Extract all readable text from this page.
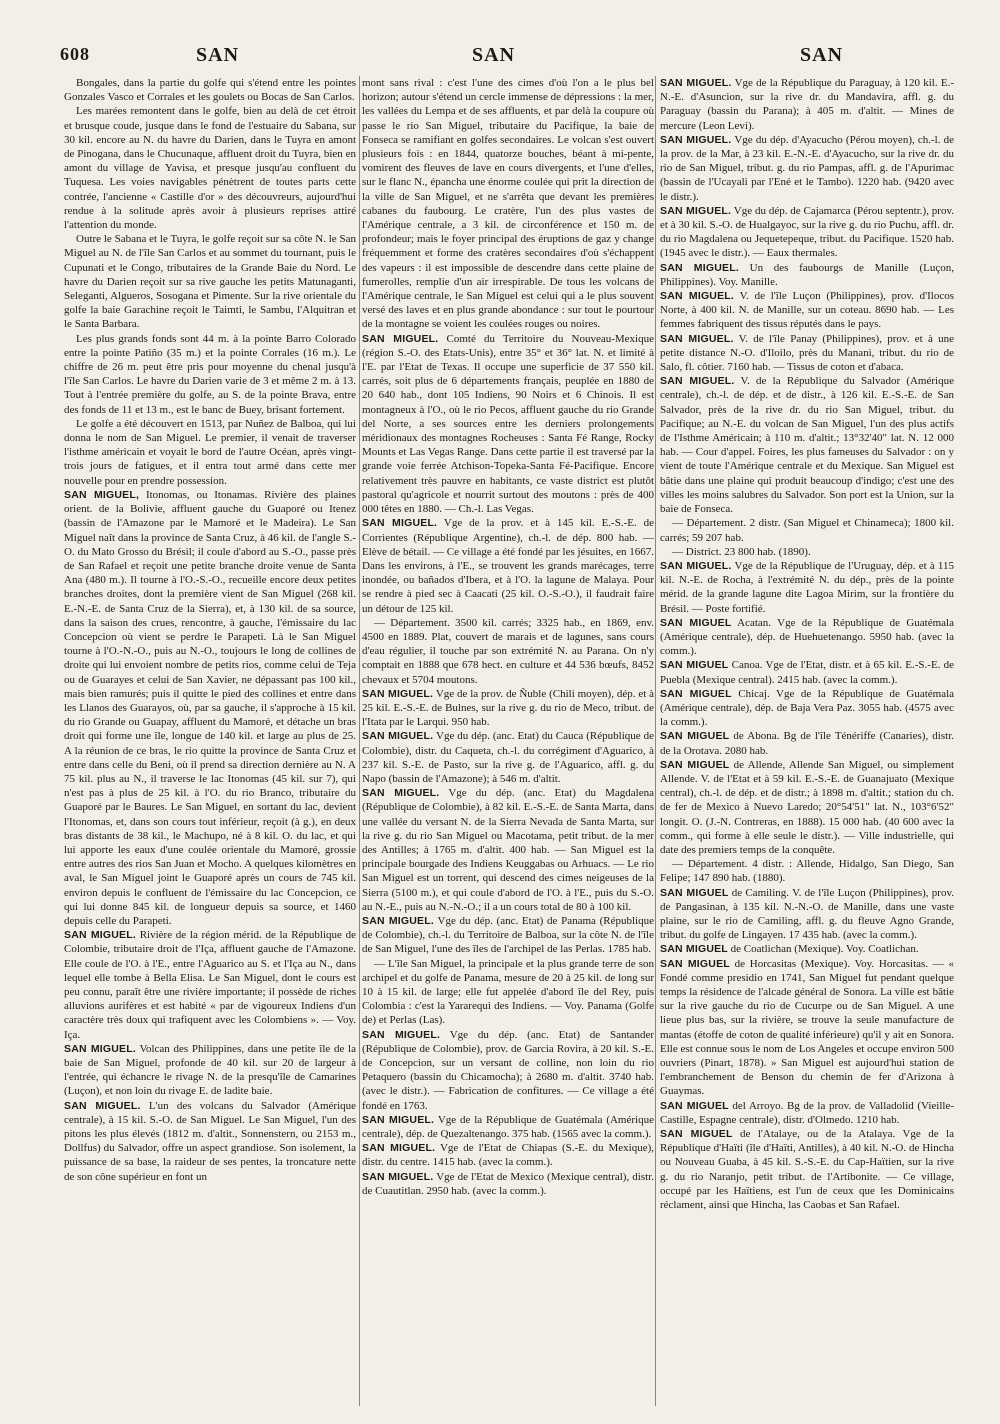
608	SAN	SAN	SAN

Bongales, dans la partie du golfe qui s'étend entre les pointes Gonzales Vasco et Corrales et les goulets ou Bocas de San Carlos.

Les marées remontent dans le golfe, bien au delà de cet étroit et brusque coude, jusque dans le fond de l'estuaire du Sabana, sur 30 kil. encore au N. du havre du Darien, dans le Tuyra en amont de Pinogana, dans le Chucunaque, affluent droit du Tuyra, bien en amont du village de Yavisa, et presque jusqu'au confluent du Tuquesa. Les voies navigables pénètrent de toutes parts cette contrée, l'ancienne « Castille d'or » des découvreurs, aujourd'hui rendue à la solitude après avoir à plusieurs reprises attiré l'attention du monde.

Outre le Sabana et le Tuyra, le golfe reçoit sur sa côte N. le San Miguel au N. de l'île San Carlos et au sommet du tournant, puis le Cupunati et le Congo, tributaires de la Grande Baie du Nord. Le havre du Darien reçoit sur sa rive gauche les petits Matunaganti, Seleganti, Algueros, Sosogana et Pimente. Sur la rive orientale du golfe la baie Garachine reçoit le Taimti, le Sambu, l'Alquitran et le Santa Barbara.

Les plus grands fonds sont 44 m. à la pointe Barro Colorado entre la pointe Patiño (35 m.) et la pointe Corrales (16 m.). Le chiffre de 26 m. peut être pris pour moyenne du chenal jusqu'à l'île San Carlos. Le havre du Darien varie de 3 et même 2 m. à 13. Tout à l'entrée première du golfe, au S. de la pointe Brava, entre des fonds de 11 et 13 m., est le banc de Buey, brisant fortement.

Le golfe a été découvert en 1513, par Nuñez de Balboa, qui lui donna le nom de San Miguel. Le premier, il venait de traverser l'isthme américain et voyait le bord de l'autre Océan, après vingt-trois jours de fatigues, et il entra tout armé dans cette mer nouvelle pour en prendre possession.

SAN MIGUEL, Itonomas, ou Itonamas. Rivière des plaines orient. de la Bolivie, affluent gauche du Guaporé ou Itenez (bassin de l'Amazone par le Mamoré et le Madeira). Le San Miguel naît dans la province de Santa Cruz, à 46 kil. de l'angle S.-O. du Mato Grosso du Brésil; il coule d'abord au S.-O., passe près de San Rafael et reçoit une petite branche droite venue de Santa Ana (480 m.). Il tourne à l'O.-S.-O., recueille encore deux petites branches droites, dont la première vient de San Miguel (268 kil. E.-N.-E. de Santa Cruz de la Sierra), et, à 130 kil. de sa source, dans la saison des crues, rencontre, à gauche, l'émissaire du lac Concepcion où vient se perdre le Parapeti. Là le San Miguel tourne à l'O.-N.-O., puis au N.-O., toujours le long de collines de droite qui lui envoient nombre de petits rios, comme celui de Teja ou de Guarayes et celui de San Xavier, ne dépassant pas 100 kil., mais bien ramurés; puis il quitte le pied des collines et entre dans les Llanos des Guarayos, où, par sa gauche, il s'approche à 15 kil. du rio Grande ou Guapay, affluent du Mamoré, et détache un bras droit qui forme une île, longue de 140 kil. et large au plus de 25. A la réunion de ce bras, le rio quitte la province de Santa Cruz et entre dans celle du Beni, où il prend sa direction dernière au N. A 75 kil. plus au N., il traverse le lac Itonomas (45 kil. sur 7), qui n'est pas à plus de 25 kil. à l'O. du rio Branco, tributaire du Guaporé par le Baures. Le San Miguel, en sortant du lac, devient l'Itonomas, et, dans son cours tout inférieur, reçoit (à g.), en deux bras distants de 38 kil., le Machupo, né à 8 kil. O. du lac, et qui lui apporte les eaux d'une coulée orientale du Mamoré, grossie entre autres des rios San Juan et Mocho. A quelques kilomètres en aval, le San Miguel joint le Guaporé après un cours de 745 kil. environ depuis le confluent de l'émissaire du lac Concepcion, ce qui lui donne 845 kil. de longueur depuis sa source, et 1460 depuis celle du Parapeti.

SAN MIGUEL. Rivière de la région mérid. de la République de Colombie, tributaire droit de l'Iça, affluent gauche de l'Amazone. Elle coule de l'O. à l'E., entre l'Aguarico au S. et l'Iça au N., dans lequel elle tombe à Bella Elisa. Le San Miguel, dont le cours est peu connu, paraît être une rivière importante; il possède de riches alluvions aurifères et est habité « par de vigoureux Indiens d'un caractère très doux qui trafiquent avec les Colombiens ». — Voy. Iça.

SAN MIGUEL. Volcan des Philippines, dans une petite île de la baie de San Miguel, profonde de 40 kil. sur 20 de largeur à l'entrée, qui échancre le rivage N. de la presqu'île de Camarines (Luçon), et non loin du rivage E. de ladite baie.

SAN MIGUEL. L'un des volcans du Salvador (Amérique centrale), à 15 kil. S.-O. de San Miguel. Le San Miguel, l'un des pitons les plus élevés (1812 m. d'altit., Sonnenstern, ou 2153 m., Dollfus) du Salvador, offre un aspect grandiose. Son isolement, la puissance de sa base, la raideur de ses pentes, la troncature nette de son cône supérieur en font un

mont sans rival : c'est l'une des cimes d'où l'on a le plus bel horizon; autour s'étend un cercle immense de dépressions : la mer, les vallées du Lempa et de ses affluents, et par delà la coupure où passe le rio San Miguel, tributaire du Pacifique, la baie de Fonseca se ramifiant en golfes secondaires. Le volcan s'est ouvert plusieurs fois : en 1844, quatorze bouches, béant à mi-pente, vomirent des fleuves de lave en cours divergents, et l'une d'elles, sur le flanc N., épancha une énorme coulée qui prit la direction de la ville de San Miguel, et ne s'arrêta que devant les premières cabanes du faubourg. Le cratère, l'un des plus vastes de l'Amérique centrale, a 3 kil. de circonférence et 150 m. de profondeur; mais le foyer principal des éruptions de gaz y change fréquemment et forme des cratères secondaires d'où s'échappent des vapeurs : il est impossible de descendre dans cette plaine de fumerolles, remplie d'un air irrespirable. De tous les volcans de l'Amérique centrale, le San Miguel est celui qui a le plus souvent versé des laves et en plus grande abondance : sur tout le pourtour de la montagne se voient les coulées rouges ou noires.

SAN MIGUEL. Comté du Territoire du Nouveau-Mexique (région S.-O. des Etats-Unis), entre 35° et 36° lat. N. et limité à l'E. par l'Etat de Texas. Il occupe une superficie de 37 550 kil. carrés, soit plus de 6 départements français, peuplée en 1880 de 20 640 hab., dont 105 Indiens, 90 Noirs et 6 Chinois. Il est montagneux à l'O., où le rio Pecos, affluent gauche du rio Grande del Norte, a ses sources entre les derniers prolongements méridionaux des montagnes Rocheuses : Santa Fé Range, Rocky Mounts et Las Vegas Range. Dans cette partie il est traversé par la grande voie ferrée Atchison-Topeka-Santa Fé-Pacifique. Encore relativement très pauvre en habitants, ce vaste district est plutôt pastoral qu'agricole et nourrit surtout des moutons : près de 400 000 têtes en 1880. — Ch.-l. Las Vegas.

SAN MIGUEL. Vge de la prov. et à 145 kil. E.-S.-E. de Corrientes (République Argentine), ch.-l. de dép. 800 hab. — Elève de bétail. — Ce village a été fondé par les jésuites, en 1667. Dans les environs, à l'E., se trouvent les grands marécages, terre inondée, ou bañados d'Ibera, et à l'O. la lagune de Malaya. Pour se rendre à pied sec à Caacati (25 kil. O.-S.-O.), il faudrait faire un détour de 125 kil.

— Département. 3500 kil. carrés; 3325 hab., en 1869, env. 4500 en 1889. Plat, couvert de marais et de lagunes, sans cours d'eau régulier, il touche par son extrémité N. au Parana. On n'y comptait en 1888 que 678 hect. en culture et 44 536 bœufs, 8452 chevaux et 5704 moutons.

SAN MIGUEL. Vge de la prov. de Ñuble (Chili moyen), dép. et à 25 kil. E.-S.-E. de Bulnes, sur la rive g. du rio de Meco, tribut. de l'Itata par le Larqui. 950 hab.

SAN MIGUEL. Vge du dép. (anc. Etat) du Cauca (République de Colombie), distr. du Caqueta, ch.-l. du corrégiment d'Aguarico, à 237 kil. S.-E. de Pasto, sur la rive g. de l'Aguarico, affl. g. du Napo (bassin de l'Amazone); à 546 m. d'altit.

SAN MIGUEL. Vge du dép. (anc. Etat) du Magdalena (République de Colombie), à 82 kil. E.-S.-E. de Santa Marta, dans une vallée du versant N. de la Sierra Nevada de Santa Marta, sur la rive g. du rio San Miguel ou Macotama, petit tribut. de la mer des Antilles; à 1765 m. d'altit. 400 hab. — San Miguel est la principale bourgade des Indiens Keuggabas ou Arhuacs. — Le rio San Miguel est un torrent, qui descend des cimes neigeuses de la Sierra (5100 m.), et qui coule d'abord de l'O. à l'E., puis du S.-O. au N.-E., puis au N.-N.-O.; il a un cours total de 80 à 100 kil.

SAN MIGUEL. Vge du dép. (anc. Etat) de Panama (République de Colombie), ch.-l. du Territoire de Balboa, sur la côte N. de l'île de San Miguel, l'une des îles de l'archipel de las Perlas. 1785 hab.

— L'île San Miguel, la principale et la plus grande terre de son archipel et du golfe de Panama, mesure de 20 à 25 kil. de long sur 10 à 15 kil. de large; elle fut appelée d'abord île del Rey, puis Colombia : c'est la Yararequi des Indiens. — Voy. Panama (Golfe de) et Perlas (Las).

SAN MIGUEL. Vge du dép. (anc. Etat) de Santander (République de Colombie), prov. de Garcia Rovira, à 20 kil. S.-E. de Concepcion, sur un versant de colline, non loin du rio Petaquero (bassin du Chicamocha); à 2680 m. d'altit. 3740 hab. (avec le distr.). — Fabrication de confitures. — Ce village a été fondé en 1763.

SAN MIGUEL. Vge de la République de Guatémala (Amérique centrale), dép. de Quezaltenango. 375 hab. (1565 avec la comm.).

SAN MIGUEL. Vge de l'Etat de Chiapas (S.-E. du Mexique), distr. du centre. 1415 hab. (avec la comm.).

SAN MIGUEL. Vge de l'Etat de Mexico (Mexique central), distr. de Cuautitlan. 2950 hab. (avec la comm.).

SAN MIGUEL. Vge de la République du Paraguay, à 120 kil. E.-N.-E. d'Asuncion, sur la rive dr. du Mandavira, affl. g. du Paraguay (bassin du Parana); à 405 m. d'altit. — Mines de mercure (Leon Levi).

SAN MIGUEL. Vge du dép. d'Ayacucho (Pérou moyen), ch.-l. de la prov. de la Mar, à 23 kil. E.-N.-E. d'Ayacucho, sur la rive dr. du rio de San Miguel, tribut. g. du rio Pampas, affl. g. de l'Apurimac (bassin de l'Ucayali par l'Ené et le Tambo). 1220 hab. (9420 avec le distr.).

SAN MIGUEL. Vge du dép. de Cajamarca (Pérou septentr.), prov. et à 30 kil. S.-O. de Hualgayoc, sur la rive g. du rio Puchu, affl. dr. du rio Magdalena ou Jequetepeque, tribut. du Pacifique. 1520 hab. (1945 avec le distr.). — Eaux thermales.

SAN MIGUEL. Un des faubourgs de Manille (Luçon, Philippines). Voy. Manille.

SAN MIGUEL. V. de l'île Luçon (Philippines), prov. d'Ilocos Norte, à 400 kil. N. de Manille, sur un coteau. 8690 hab. — Les femmes fabriquent des tissus réputés dans le pays.

SAN MIGUEL. V. de l'île Panay (Philippines), prov. et à une petite distance N.-O. d'Iloilo, près du Manani, tribut. du rio de Salo, fl. côtier. 7160 hab. — Tissus de coton et d'abaca.

SAN MIGUEL. V. de la République du Salvador (Amérique centrale), ch.-l. de dép. et de distr., à 126 kil. E.-S.-E. de San Salvador, près de la rive dr. du rio San Miguel, tribut. du Pacifique; au N.-E. du volcan de San Miguel, l'un des plus actifs de l'Isthme Américain; à 110 m. d'altit.; 13°32'40" lat. N. 12 000 hab. — Cour d'appel. Foires, les plus fameuses du Salvador : on y vient de toute l'Amérique centrale et du Mexique. San Miguel est bâtie dans une plaine qui produit beaucoup d'indigo; c'est une des villes les moins salubres du Salvador. Son port est la Union, sur la baie de Fonseca.

— Département. 2 distr. (San Miguel et Chinameca); 1800 kil. carrés; 59 207 hab.

— District. 23 800 hab. (1890).

SAN MIGUEL. Vge de la République de l'Uruguay, dép. et à 115 kil. N.-E. de Rocha, à l'extrémité N. du dép., près de la pointe mérid. de la grande lagune dite Lagoa Mirim, sur la frontière du Brésil. — Poste fortifié.

SAN MIGUEL Acatan. Vge de la République de Guatémala (Amérique centrale), dép. de Huehuetenango. 5950 hab. (avec la comm.).

SAN MIGUEL Canoa. Vge de l'Etat, distr. et à 65 kil. E.-S.-E. de Puebla (Mexique central). 2415 hab. (avec la comm.).

SAN MIGUEL Chicaj. Vge de la République de Guatémala (Amérique centrale), dép. de Baja Vera Paz. 3055 hab. (4575 avec la comm.).

SAN MIGUEL de Abona. Bg de l'île Ténériffe (Canaries), distr. de la Orotava. 2080 hab.

SAN MIGUEL de Allende, Allende San Miguel, ou simplement Allende. V. de l'Etat et à 59 kil. E.-S.-E. de Guanajuato (Mexique central), ch.-l. de dép. et de distr.; à 1898 m. d'altit.; station du ch. de fer de Mexico à Nuevo Laredo; 20°54'51" lat. N., 103°6'52" longit. O. (J.-N. Contreras, en 1888). 15 000 hab. (40 600 avec la comm., qui forme à elle seule le distr.). — Ville industrielle, qui date des premiers temps de la conquête.

— Département. 4 distr. : Allende, Hidalgo, San Diego, San Felipe; 147 890 hab. (1880).

SAN MIGUEL de Camiling. V. de l'île Luçon (Philippines), prov. de Pangasinan, à 135 kil. N.-N.-O. de Manille, dans une vaste plaine, sur le rio de Camiling, affl. g. du fleuve Agno Grande, tribut. du golfe de Lingayen. 17 435 hab. (avec la comm.).

SAN MIGUEL de Coatlichan (Mexique). Voy. Coatlichan.

SAN MIGUEL de Horcasitas (Mexique). Voy. Horcasitas. — « Fondé comme presidio en 1741, San Miguel fut pendant quelque temps la résidence de l'alcade général de Sonora. La ville est bâtie sur la rive gauche du rio de Cucurpe ou de San Miguel. A une lieue plus bas, sur la rivière, se trouve la seule manufacture de mantas (étoffe de coton de qualité inférieure) qu'il y ait en Sonora. Elle est connue sous le nom de Los Angeles et occupe environ 500 ouvriers (Pinart, 1878). » San Miguel est aujourd'hui station de l'embranchement de Benson du chemin de fer d'Arizona à Guaymas.

SAN MIGUEL del Arroyo. Bg de la prov. de Valladolid (Vieille-Castille, Espagne centrale), distr. d'Olmedo. 1210 hab.

SAN MIGUEL de l'Atalaye, ou de la Atalaya. Vge de la République d'Haïti (île d'Haïti, Antilles), à 40 kil. N.-O. de Hincha ou Nouveau Guaba, à 45 kil. S.-S.-E. du Cap-Haïtien, sur la rive g. du rio Naranjo, petit tribut. de l'Artibonite. — Ce village, occupé par les Haïtiens, est l'un de ceux que les Dominicains réclament, ainsi que Hincha, las Caobas et San Rafael.
